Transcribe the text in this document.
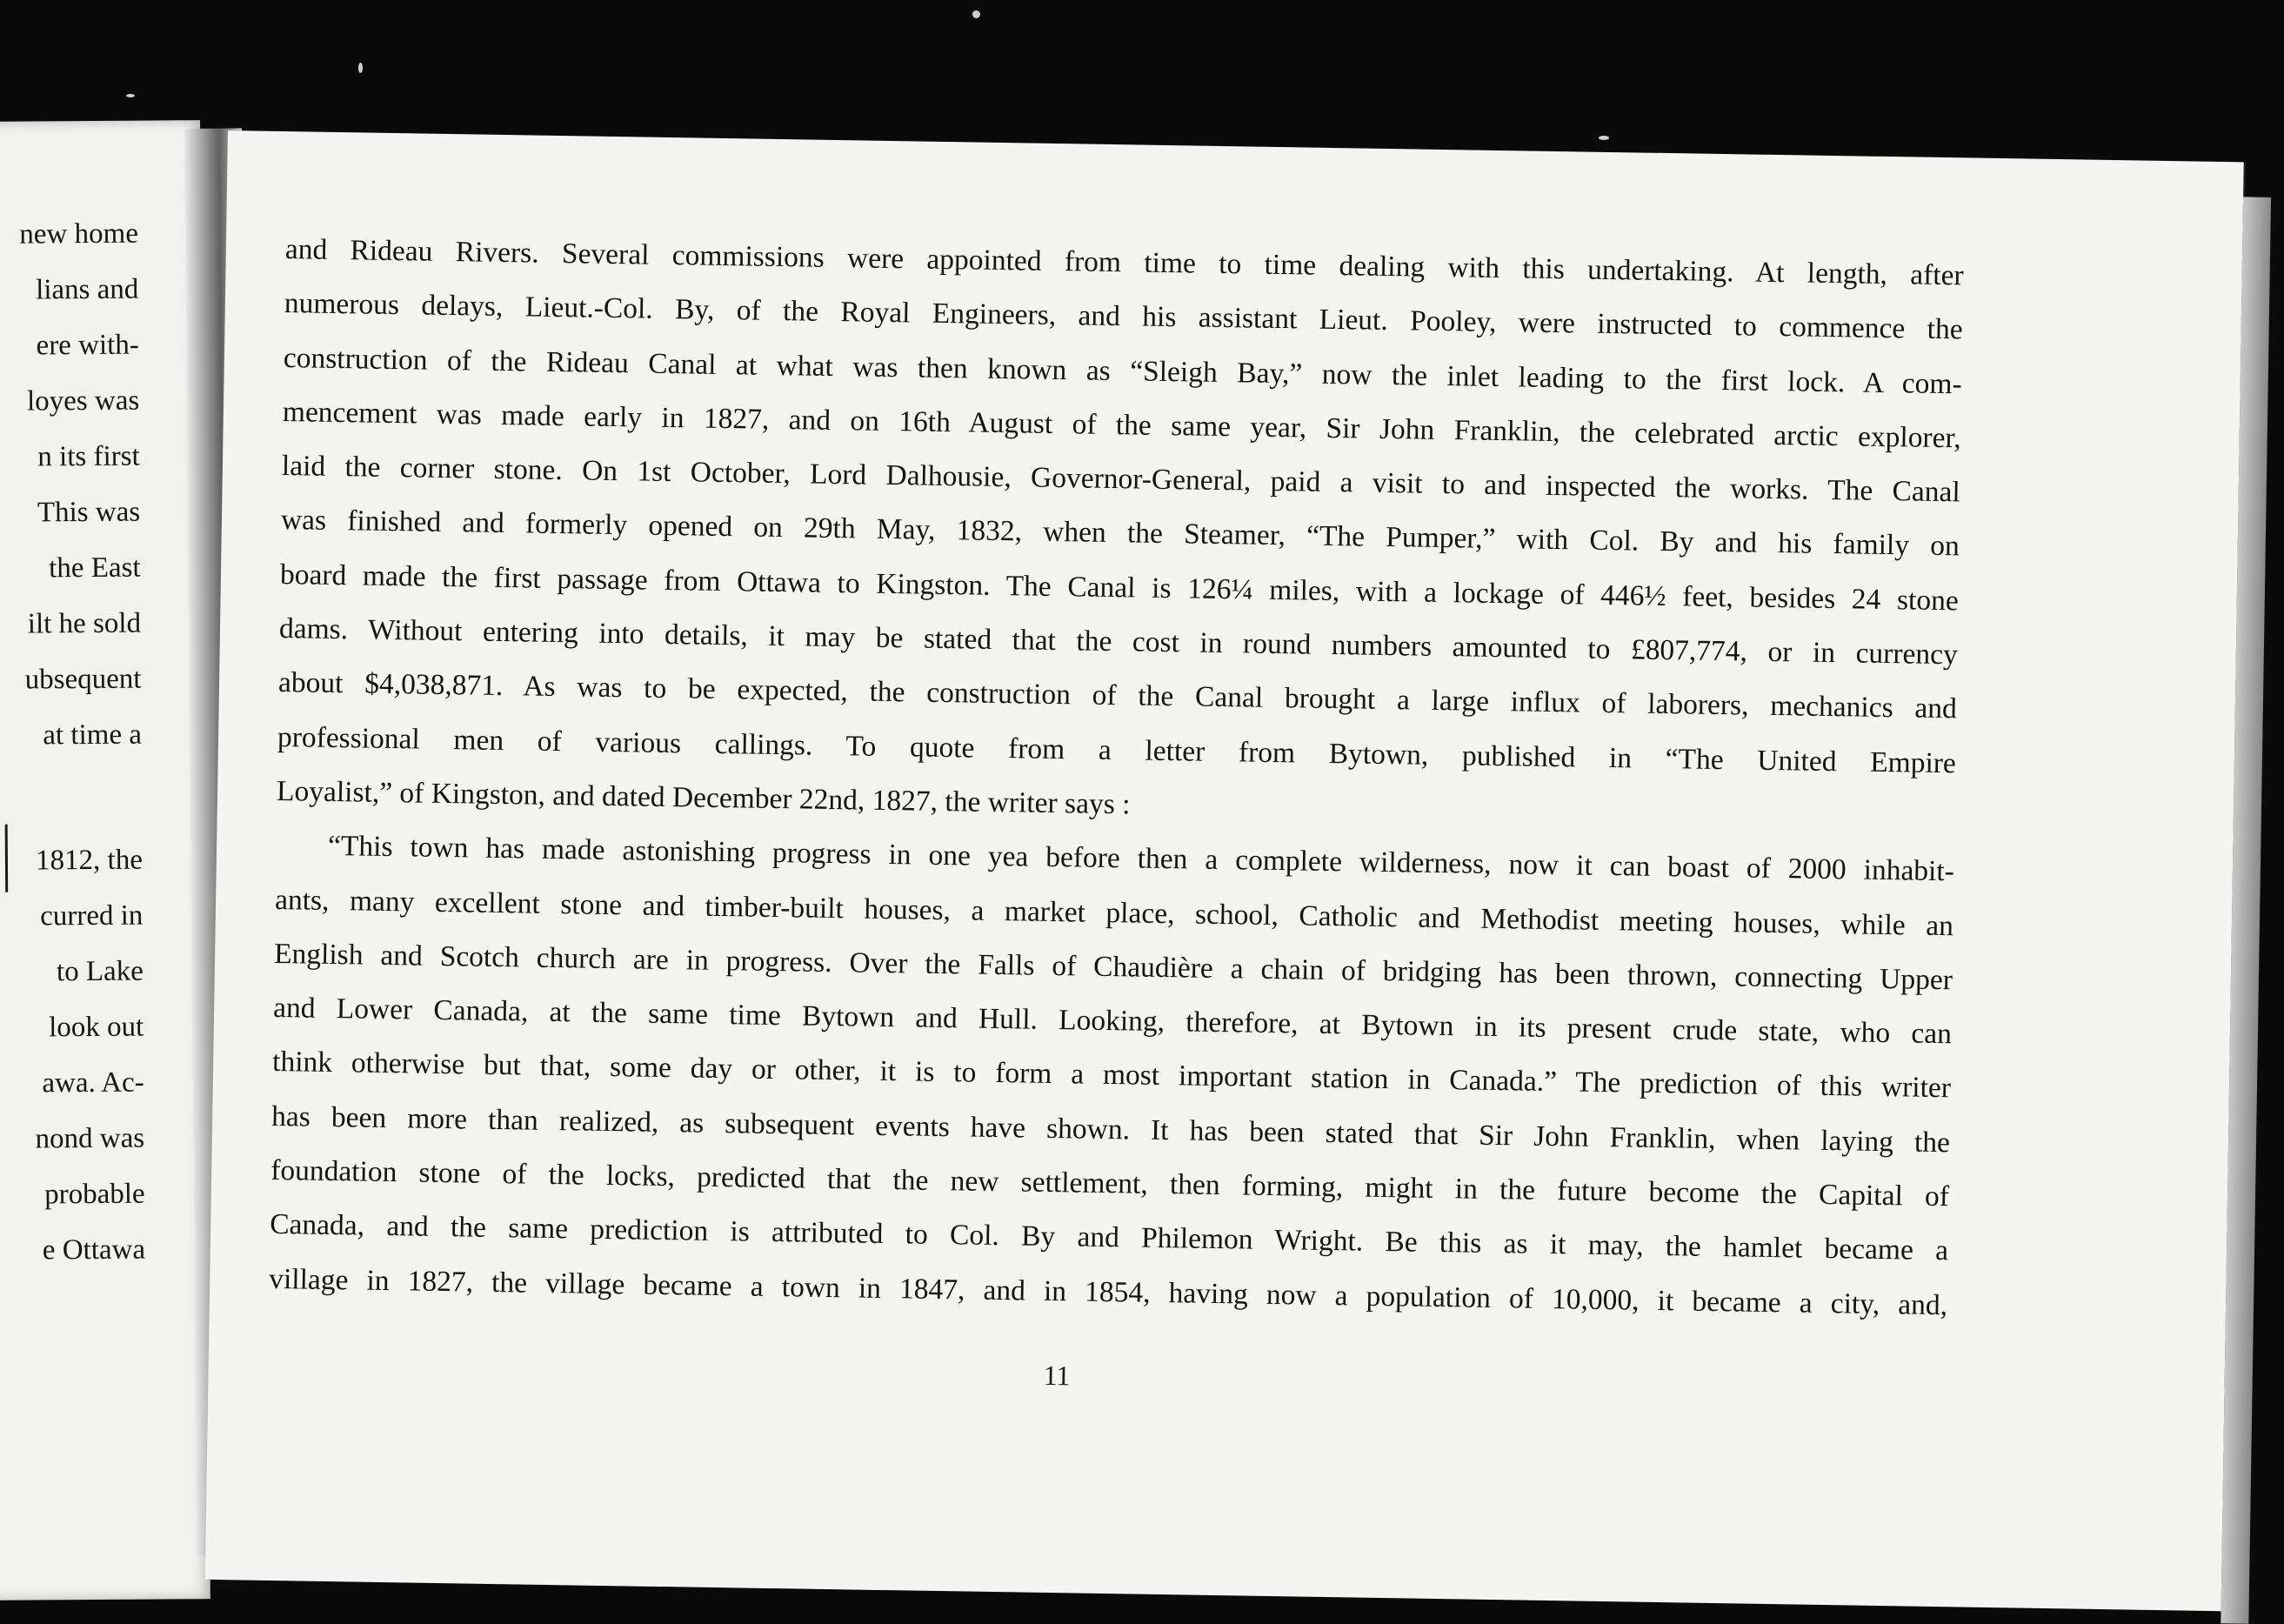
new home
lians and
ere with-
loyes was
n its first
This was
the East
ilt he sold
ubsequent
at time a
1812, the
curred in
to Lake
look out
awa. Ac-
nond was
probable
e Ottawa
and Rideau Rivers. Several commissions were appointed from time to time dealing with this undertaking. At length, after
numerous delays, Lieut.-Col. By, of the Royal Engineers, and his assistant Lieut. Pooley, were instructed to commence the
construction of the Rideau Canal at what was then known as “Sleigh Bay,” now the inlet leading to the first lock. A com-
mencement was made early in 1827, and on 16th August of the same year, Sir John Franklin, the celebrated arctic explorer,
laid the corner stone. On 1st October, Lord Dalhousie, Governor-General, paid a visit to and inspected the works. The Canal
was finished and formerly opened on 29th May, 1832, when the Steamer, “The Pumper,” with Col. By and his family on
board made the first passage from Ottawa to Kingston. The Canal is 126¼ miles, with a lockage of 446½ feet, besides 24 stone
dams. Without entering into details, it may be stated that the cost in round numbers amounted to £807,774, or in currency
about $4,038,871. As was to be expected, the construction of the Canal brought a large influx of laborers, mechanics and
professional men of various callings. To quote from a letter from Bytown, published in “The United Empire
Loyalist,” of Kingston, and dated December 22nd, 1827, the writer says :
“This town has made astonishing progress in one yea before then a complete wilderness, now it can boast of 2000 inhabit-
ants, many excellent stone and timber-built houses, a market place, school, Catholic and Methodist meeting houses, while an
English and Scotch church are in progress. Over the Falls of Chaudière a chain of bridging has been thrown, connecting Upper
and Lower Canada, at the same time Bytown and Hull. Looking, therefore, at Bytown in its present crude state, who can
think otherwise but that, some day or other, it is to form a most important station in Canada.” The prediction of this writer
has been more than realized, as subsequent events have shown. It has been stated that Sir John Franklin, when laying the
foundation stone of the locks, predicted that the new settlement, then forming, might in the future become the Capital of
Canada, and the same prediction is attributed to Col. By and Philemon Wright. Be this as it may, the hamlet became a
village in 1827, the village became a town in 1847, and in 1854, having now a population of 10,000, it became a city, and,
11
